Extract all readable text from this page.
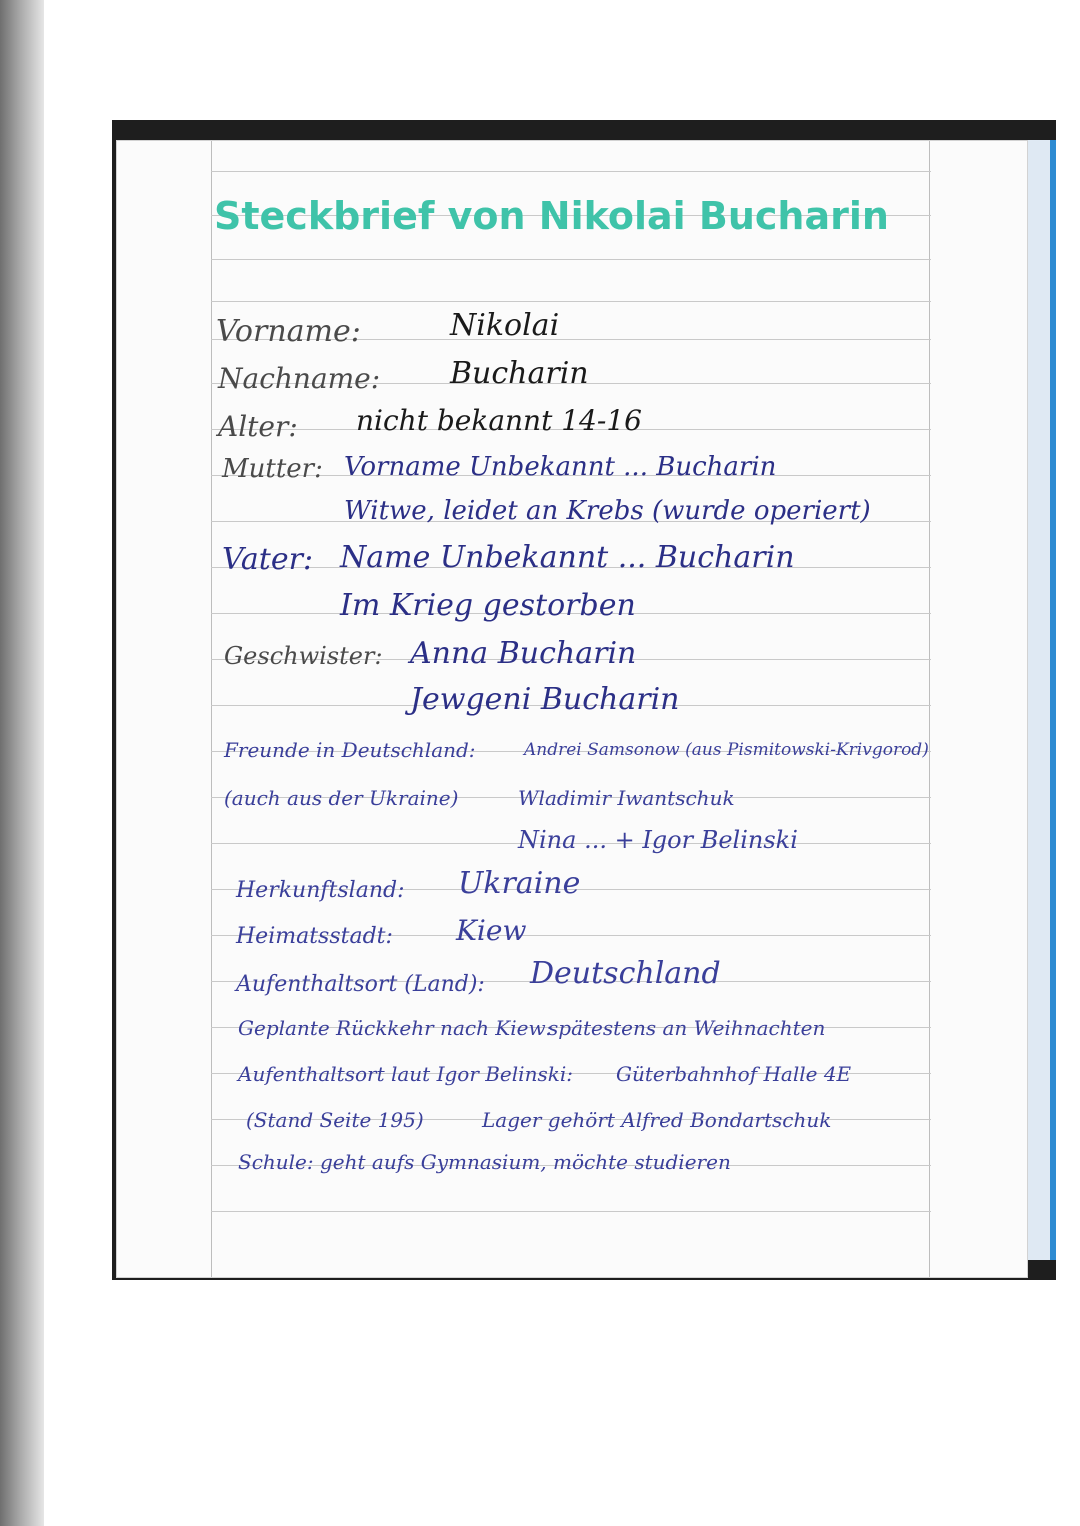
Steckbrief von Nikolai Bucharin
Vorname:	Nikolai
Nachname: Bucharin
Alter: nicht bekannt 14-16
Mutter: Vorname Unbekannt ... Bucharin
Witwe, leidet an Krebs (wurde operiert)
Vater: Name Unbekannt ... Bucharin
Im Krieg gestorben
Geschwister: Anna Bucharin
Jewgeni Bucharin
Freunde in Deutschland:	Andrei Samsonow (aus Pismitowski-Krivgorod)
(auch aus der Ukraine)	Wladimir Iwantschuk
Nina ... + Igor Belinski
Herkunftsland: Ukraine
Heimatsstadt: Kiew
Aufenthaltsort (Land): Deutschland
Geplante Rückkehr nach Kiew:
spätestens an Weihnachten
Aufenthaltsort laut Igor Belinski: Güterbahnhof Halle 4E
(Stand Seite 195)	Lager gehört Alfred Bondartschuk
Schule: geht aufs Gymnasium, möchte studieren
